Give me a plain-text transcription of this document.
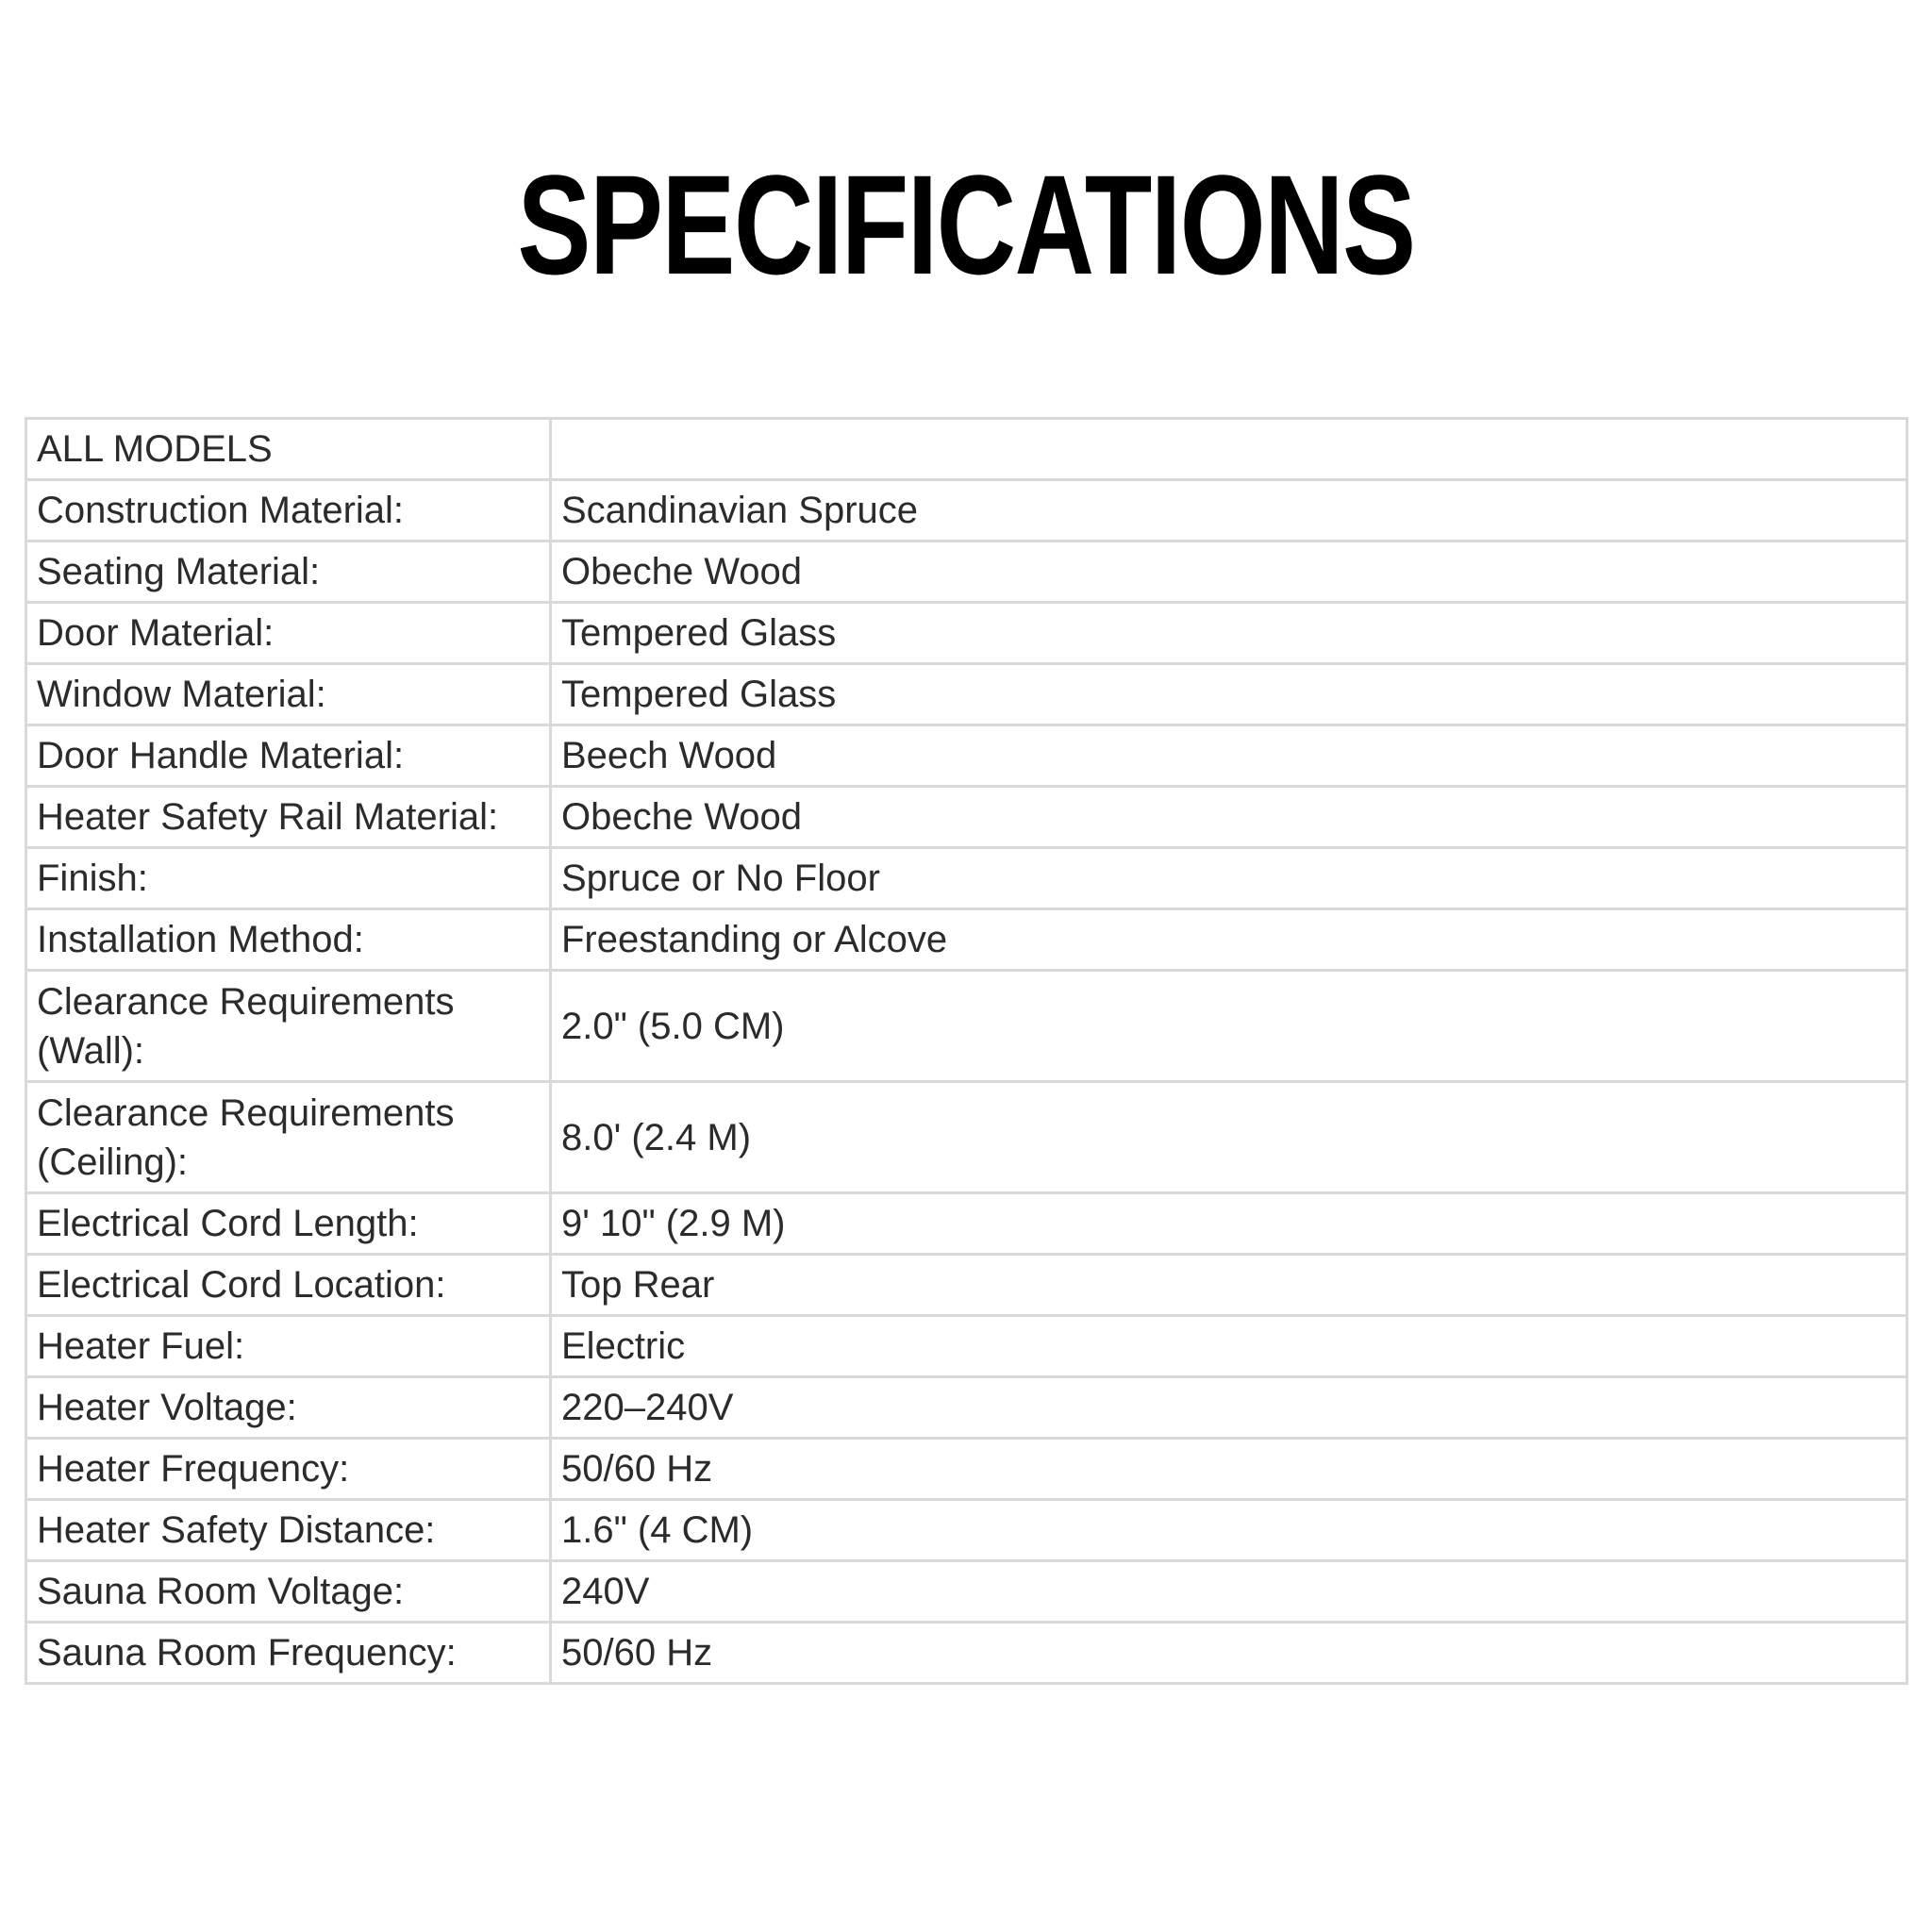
SPECIFICATIONS
ALL MODELS	
Construction Material:	Scandinavian Spruce
Seating Material:	Obeche Wood
Door Material:	Tempered Glass
Window Material:	Tempered Glass
Door Handle Material:	Beech Wood
Heater Safety Rail Material:	Obeche Wood
Finish:	Spruce or No Floor
Installation Method:	Freestanding or Alcove
Clearance Requirements (Wall):	2.0" (5.0 CM)
Clearance Requirements (Ceiling):	8.0' (2.4 M)
Electrical Cord Length:	9' 10" (2.9 M)
Electrical Cord Location:	Top Rear
Heater Fuel:	Electric
Heater Voltage:	220–240V
Heater Frequency:	50/60 Hz
Heater Safety Distance:	1.6" (4 CM)
Sauna Room Voltage:	240V
Sauna Room Frequency:	50/60 Hz
